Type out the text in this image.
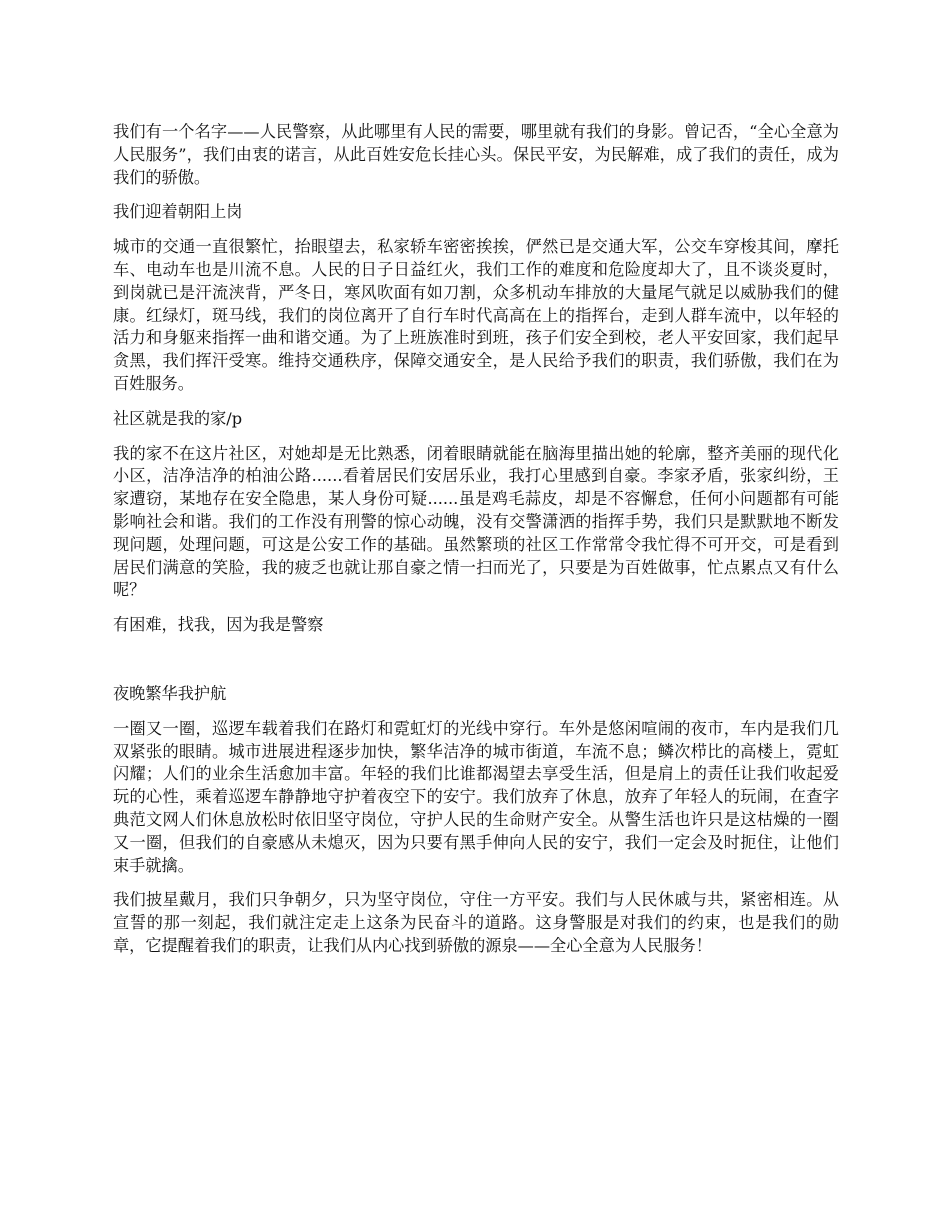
我们有一个名字——人民警察，从此哪里有人民的需要，哪里就有我们的身影。曾记否，“全心全意为人民服务”，我们由衷的诺言，从此百姓安危长挂心头。保民平安，为民解难，成了我们的责任，成为我们的骄傲。

我们迎着朝阳上岗

城市的交通一直很繁忙，抬眼望去，私家轿车密密挨挨，俨然已是交通大军，公交车穿梭其间，摩托车、电动车也是川流不息。人民的日子日益红火，我们工作的难度和危险度却大了，且不谈炎夏时，到岗就已是汗流浃背，严冬日，寒风吹面有如刀割，众多机动车排放的大量尾气就足以威胁我们的健康。红绿灯，斑马线，我们的岗位离开了自行车时代高高在上的指挥台，走到人群车流中，以年轻的活力和身躯来指挥一曲和谐交通。为了上班族准时到班，孩子们安全到校，老人平安回家，我们起早贪黑，我们挥汗受寒。维持交通秩序，保障交通安全，是人民给予我们的职责，我们骄傲，我们在为百姓服务。

社区就是我的家/p

我的家不在这片社区，对她却是无比熟悉，闭着眼睛就能在脑海里描出她的轮廓，整齐美丽的现代化小区，洁净洁净的柏油公路......看着居民们安居乐业，我打心里感到自豪。李家矛盾，张家纠纷，王家遭窃，某地存在安全隐患，某人身份可疑......虽是鸡毛蒜皮，却是不容懈怠，任何小问题都有可能影响社会和谐。我们的工作没有刑警的惊心动魄，没有交警潇洒的指挥手势，我们只是默默地不断发现问题，处理问题，可这是公安工作的基础。虽然繁琐的社区工作常常令我忙得不可开交，可是看到居民们满意的笑脸，我的疲乏也就让那自豪之情一扫而光了，只要是为百姓做事，忙点累点又有什么呢？

有困难，找我，因为我是警察

夜晚繁华我护航

一圈又一圈，巡逻车载着我们在路灯和霓虹灯的光线中穿行。车外是悠闲喧闹的夜市，车内是我们几双紧张的眼睛。城市进展进程逐步加快，繁华洁净的城市街道，车流不息；鳞次栉比的高楼上，霓虹闪耀；人们的业余生活愈加丰富。年轻的我们比谁都渴望去享受生活，但是肩上的责任让我们收起爱玩的心性，乘着巡逻车静静地守护着夜空下的安宁。我们放弃了休息，放弃了年轻人的玩闹，在查字典范文网人们休息放松时依旧坚守岗位，守护人民的生命财产安全。从警生活也许只是这枯燥的一圈又一圈，但我们的自豪感从未熄灭，因为只要有黑手伸向人民的安宁，我们一定会及时扼住，让他们束手就擒。

我们披星戴月，我们只争朝夕，只为坚守岗位，守住一方平安。我们与人民休戚与共，紧密相连。从宣誓的那一刻起，我们就注定走上这条为民奋斗的道路。这身警服是对我们的约束，也是我们的勋章，它提醒着我们的职责，让我们从内心找到骄傲的源泉——全心全意为人民服务！
